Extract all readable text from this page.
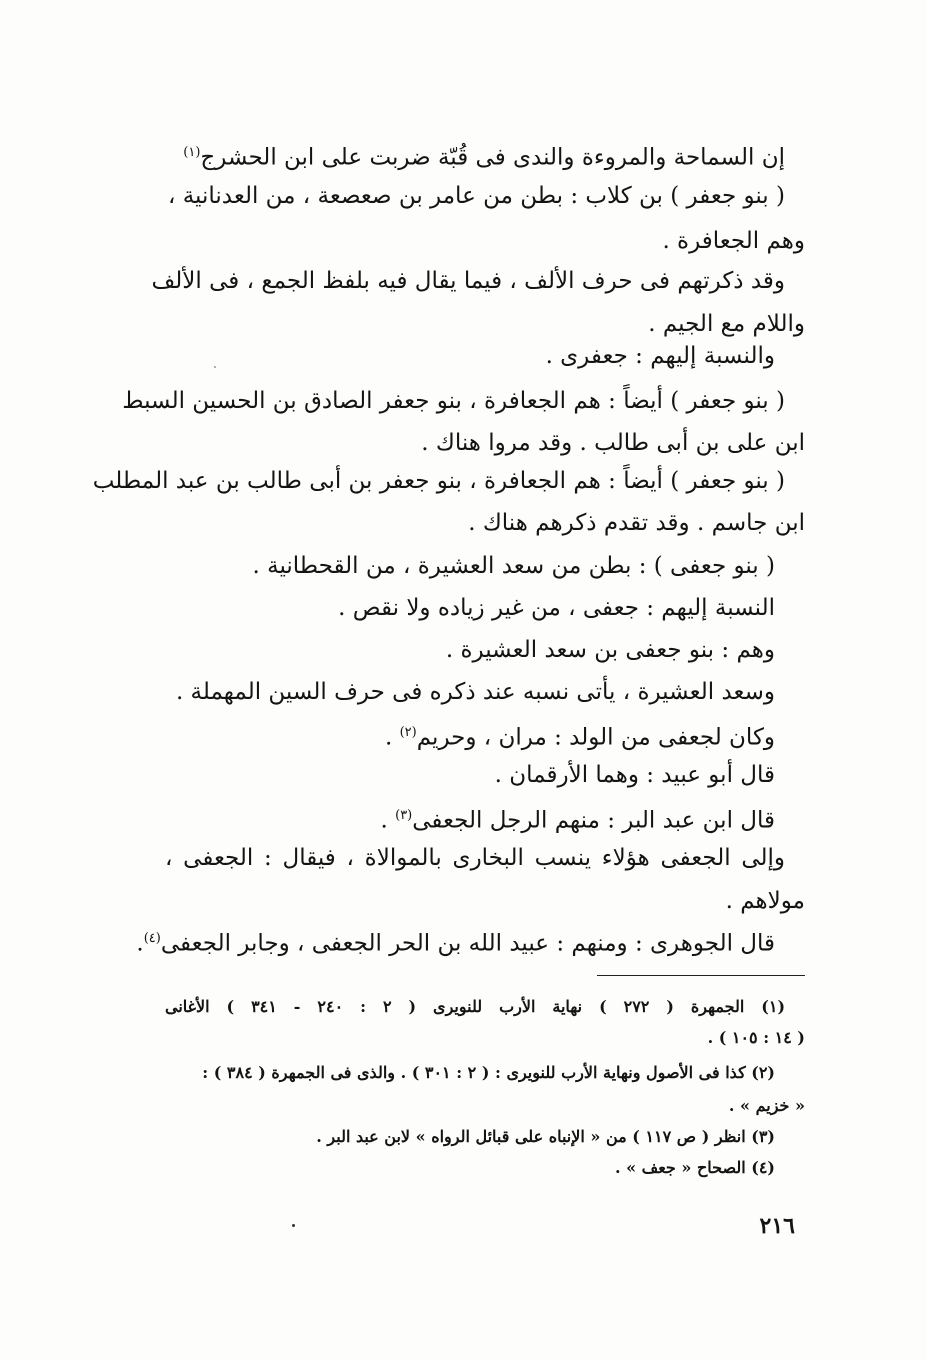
إن السماحة والمروءة والندى فى قُبّة ضربت على ابن الحشرج$^{(١)}$
( بنو جعفر ) بن كلاب : بطن من عامر بن صعصعة ، من العدنانية ،
وهم الجعافرة .
وقد ذكرتهم فى حرف الألف ، فيما يقال فيه بلفظ الجمع ، فى الألف
واللام مع الجيم .
والنسبة إليهم : جعفرى .
( بنو جعفر ) أيضاً : هم الجعافرة ، بنو جعفر الصادق بن الحسين السبط
ابن على بن أبى طالب . وقد مروا هناك .
( بنو جعفر ) أيضاً : هم الجعافرة ، بنو جعفر بن أبى طالب بن عبد المطلب
ابن جاسم . وقد تقدم ذكرهم هناك .
( بنو جعفى ) : بطن من سعد العشيرة ، من القحطانية .
النسبة إليهم : جعفى ، من غير زياده ولا نقص .
وهم : بنو جعفى بن سعد العشيرة .
وسعد العشيرة ، يأتى نسبه عند ذكره فى حرف السين المهملة .
وكان لجعفى من الولد : مران ، وحريم$^{(٢)}$ .
قال أبو عبيد : وهما الأرقمان .
قال ابن عبد البر : منهم الرجل الجعفى$^{(٣)}$ .
وإلى الجعفى هؤلاء ينسب البخارى بالموالاة ، فيقال : الجعفى ،
مولاهم .
قال الجوهرى : ومنهم : عبيد الله بن الحر الجعفى ، وجابر الجعفى$^{(٤)}$.
(١) الجمهرة ( ٢٧٢ ) نهاية الأرب للنويرى ( ٢ : ٢٤٠ - ٣٤١ ) الأغانى
( ١٤ : ١٠٥ ) .
(٢) كذا فى الأصول ونهاية الأرب للنويرى : ( ٢ : ٣٠١ ) . والذى فى الجمهرة ( ٣٨٤ ) :
« خزيم » .
(٣) انظر ( ص ١١٧ ) من « الإنباه على قبائل الرواه » لابن عبد البر .
(٤) الصحاح « جعف » .
٢١٦
